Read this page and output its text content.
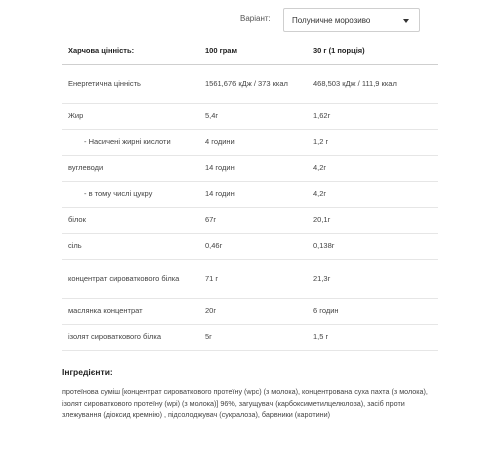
Варіант:	Полуничне морозиво
Харчова цінність:	100 грам	30 г (1 порція)
Енергетична цінність	1561,676 кДж / 373 ккал	468,503 кДж / 111,9 ккал
Жир	5,4г	1,62г
- Насичені жирні кислоти	4 години	1,2 г
вуглеводи	14 годин	4,2г
- в тому числі цукру	14 годин	4,2г
білок	67г	20,1г
сіль	0,46г	0,138г
концентрат сироваткового білка	71 г	21,3г
маслянка концентрат	20г	6 годин
ізолят сироваткового білка	5г	1,5 г
Інгредієнти:
протеїнова суміш [концентрат сироваткового протеїну (wpc) (з молока), концентрована суха пахта (з молока), ізолят сироваткового протеїну (wpi) (з молока)] 96%, загущувач (карбоксиметилцелюлоза), засіб проти злежування (діоксид кремнію) , підсолоджувач (сукралоза), барвники (каротини)
